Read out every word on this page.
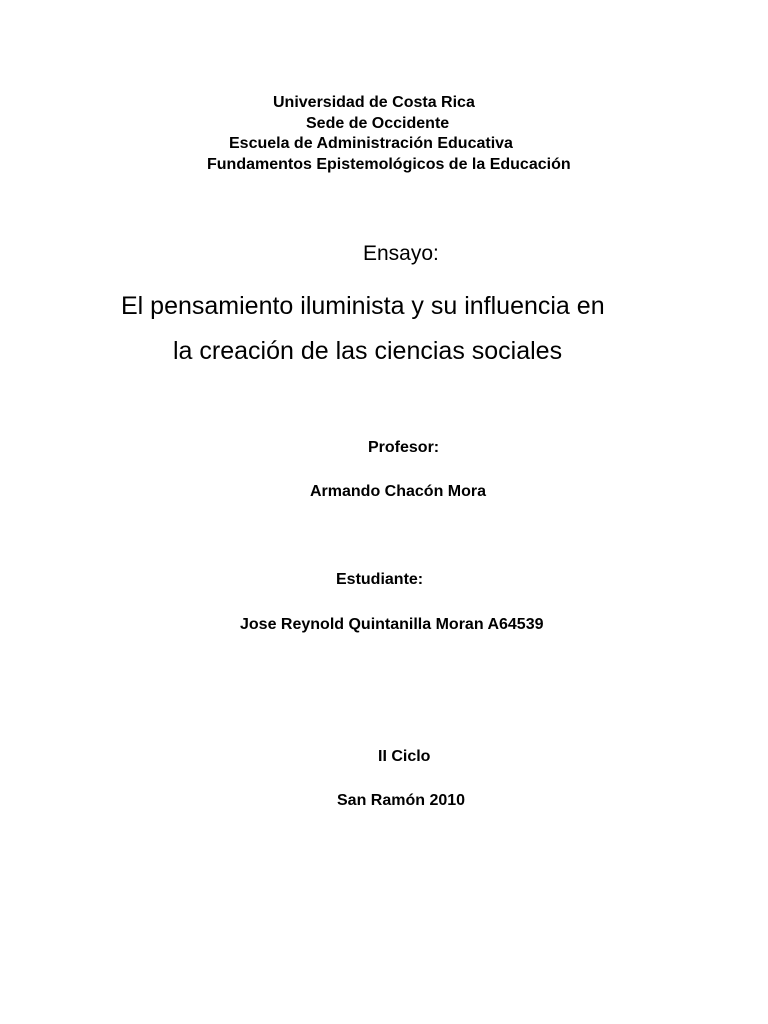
Universidad de Costa Rica
Sede de Occidente
Escuela de Administración Educativa
Fundamentos Epistemológicos de la Educación
Ensayo:
El pensamiento iluminista y su influencia en
la creación de las ciencias sociales
Profesor:
Armando Chacón Mora
Estudiante:
Jose Reynold Quintanilla Moran A64539
II Ciclo
San Ramón 2010
